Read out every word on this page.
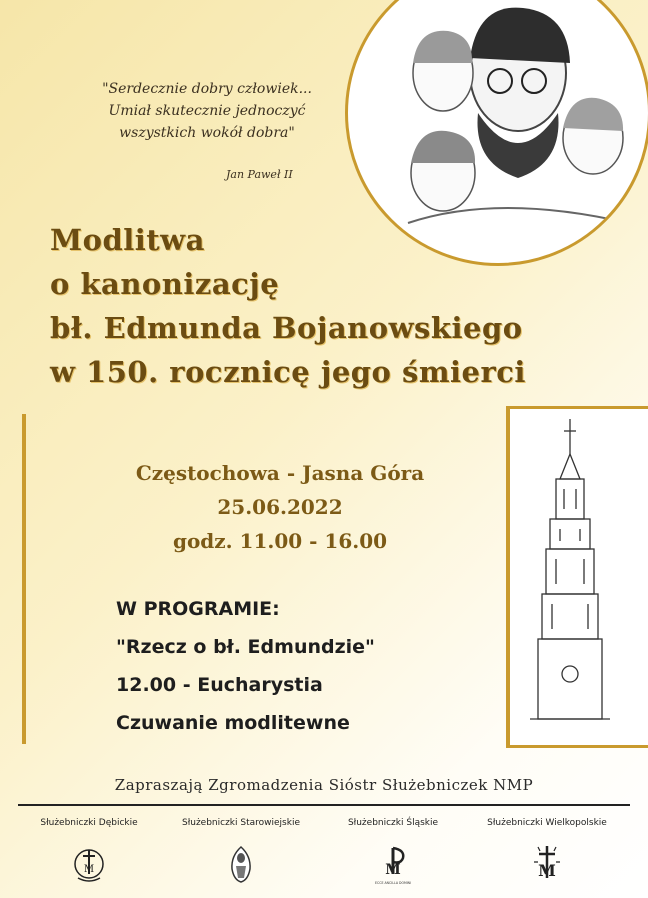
"Serdecznie dobry człowiek...
Umiał skutecznie jednoczyć
wszystkich wokół dobra"
Jan Paweł II
Modlitwa
o kanonizację
bł. Edmunda Bojanowskiego
w 150. rocznicę jego śmierci
Częstochowa - Jasna Góra
25.06.2022
godz. 11.00 - 16.00
W PROGRAMIE:
"Rzecz o bł. Edmundzie"
12.00 - Eucharystia
Czuwanie modlitewne
Zapraszają Zgromadzenia Sióstr Służebniczek NMP
Służebniczki Dębickie
M
Służebniczki Starowiejskie	Służebniczki Śląskie
M
ECCE ANCILLA DOMINI
Służebniczki Wielkopolskie
M
